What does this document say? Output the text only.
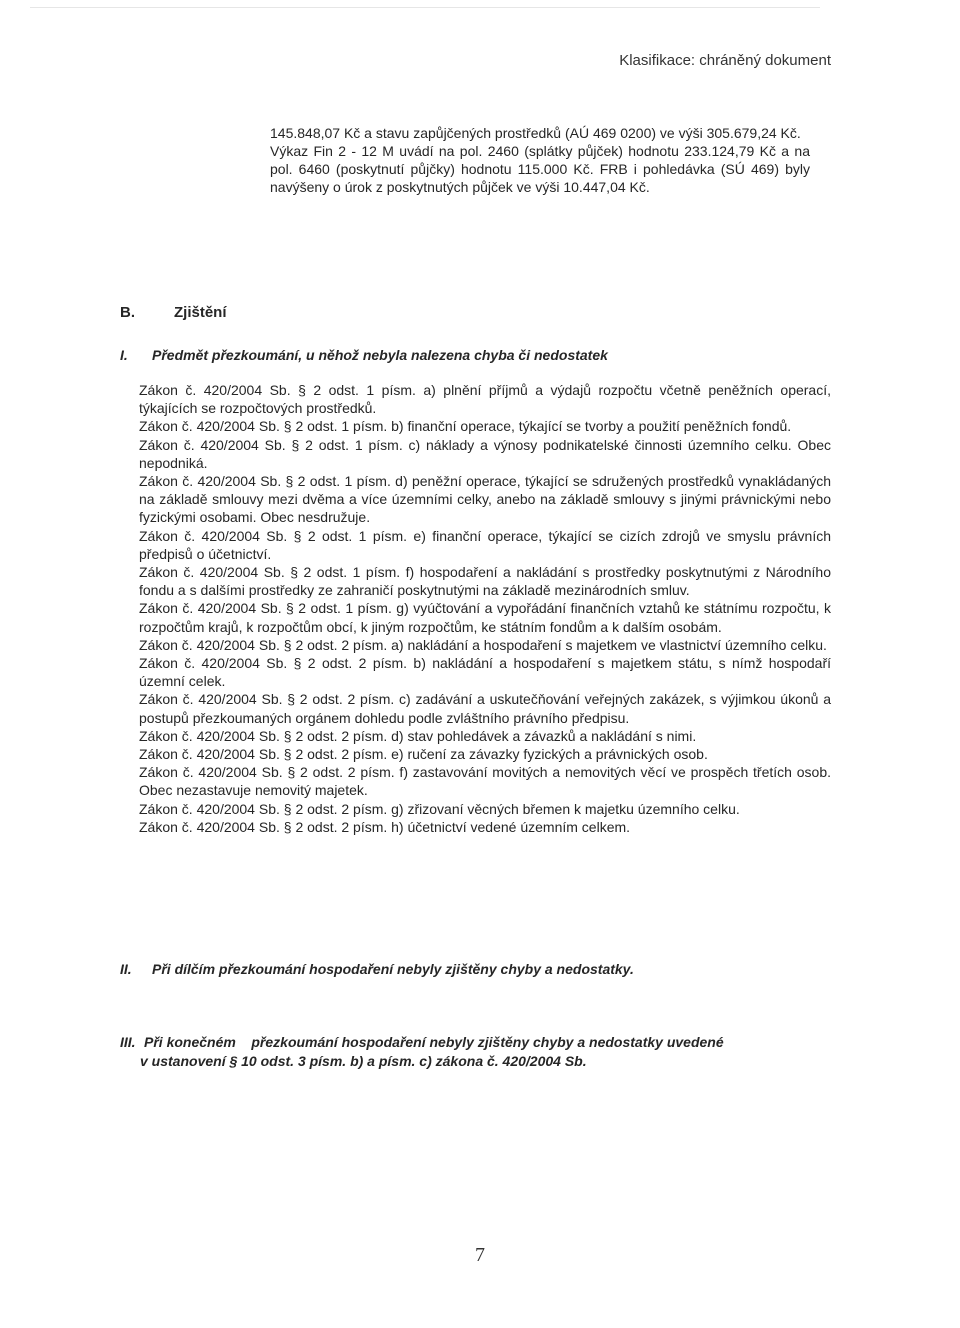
Klasifikace: chráněný dokument

145.848,07 Kč a stavu zapůjčených prostředků (AÚ 469 0200) ve výši 305.679,24 Kč.

Výkaz Fin 2 - 12 M uvádí na pol. 2460 (splátky půjček) hodnotu 233.124,79 Kč a na pol. 6460 (poskytnutí půjčky) hodnotu 115.000 Kč. FRB i pohledávka (SÚ 469) byly navýšeny o úrok z poskytnutých půjček ve výši 10.447,04 Kč.

B.	Zjištění
I. Předmět přezkoumání, u něhož nebyla nalezena chyba či nedostatek

Zákon č. 420/2004 Sb. § 2 odst. 1 písm. a) plnění příjmů a výdajů rozpočtu včetně peněžních operací, týkajících se rozpočtových prostředků.

Zákon č. 420/2004 Sb. § 2 odst. 1 písm. b) finanční operace, týkající se tvorby a použití peněžních fondů.

Zákon č. 420/2004 Sb. § 2 odst. 1 písm. c) náklady a výnosy podnikatelské činnosti územního celku. Obec nepodniká.

Zákon č. 420/2004 Sb. § 2 odst. 1 písm. d) peněžní operace, týkající se sdružených prostředků vynakládaných na základě smlouvy mezi dvěma a více územními celky, anebo na základě smlouvy s jinými právnickými nebo fyzickými osobami. Obec nesdružuje.

Zákon č. 420/2004 Sb. § 2 odst. 1 písm. e) finanční operace, týkající se cizích zdrojů ve smyslu právních předpisů o účetnictví.

Zákon č. 420/2004 Sb. § 2 odst. 1 písm. f) hospodaření a nakládání s prostředky poskytnutými z Národního fondu a s dalšími prostředky ze zahraničí poskytnutými na základě mezinárodních smluv.

Zákon č. 420/2004 Sb. § 2 odst. 1 písm. g) vyúčtování a vypořádání finančních vztahů ke státnímu rozpočtu, k rozpočtům krajů, k rozpočtům obcí, k jiným rozpočtům, ke státním fondům a k dalším osobám.

Zákon č. 420/2004 Sb. § 2 odst. 2 písm. a) nakládání a hospodaření s majetkem ve vlastnictví územního celku.

Zákon č. 420/2004 Sb. § 2 odst. 2 písm. b) nakládání a hospodaření s majetkem státu, s nímž hospodaří územní celek.

Zákon č. 420/2004 Sb. § 2 odst. 2 písm. c) zadávání a uskutečňování veřejných zakázek, s výjimkou úkonů a postupů přezkoumaných orgánem dohledu podle zvláštního právního předpisu.

Zákon č. 420/2004 Sb. § 2 odst. 2 písm. d) stav pohledávek a závazků a nakládání s nimi.

Zákon č. 420/2004 Sb. § 2 odst. 2 písm. e) ručení za závazky fyzických a právnických osob.

Zákon č. 420/2004 Sb. § 2 odst. 2 písm. f) zastavování movitých a nemovitých věcí ve prospěch třetích osob. Obec nezastavuje nemovitý majetek.

Zákon č. 420/2004 Sb. § 2 odst. 2 písm. g) zřizovaní věcných břemen k majetku územního celku.

Zákon č. 420/2004 Sb. § 2 odst. 2 písm. h) účetnictví vedené územním celkem.

II. Při dílčím přezkoumání hospodaření nebyly zjištěny chyby a nedostatky.
III. Při konečném    přezkoumání hospodaření nebyly zjištěny chyby a nedostatky uvedené
v ustanovení § 10 odst. 3 písm. b) a písm. c) zákona č. 420/2004 Sb.
7
